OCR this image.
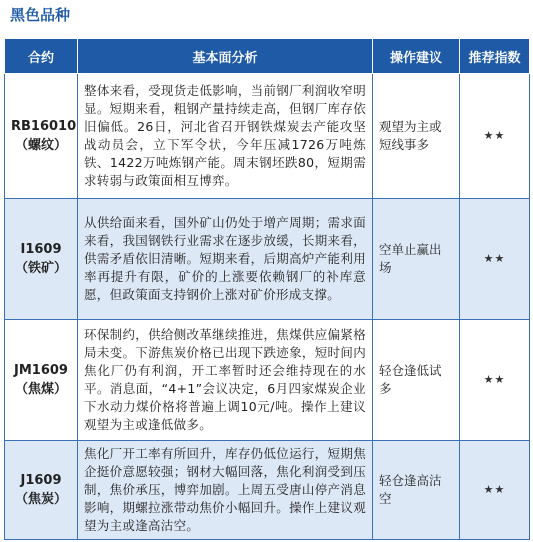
黑色品种
合约	基本面分析	操作建议	推荐指数

RB16010
（螺纹）	整体来看，受现货走低影响，当前钢厂利润收窄明显。短期来看，粗钢产量持续走高，但钢厂库存依旧偏低。26日，河北省召开钢铁煤炭去产能攻坚战动员会，立下军令状，今年压减1726万吨炼铁、1422万吨炼钢产能。周末钢坯跌80，短期需求转弱与政策面相互博弈。	观望为主或短线事多	★★

I1609
（铁矿）	从供给面来看，国外矿山仍处于增产周期；需求面来看，我国钢铁行业需求在逐步放缓，长期来看，供需矛盾依旧清晰。短期来看，后期高炉产能利用率再提升有限，矿价的上涨要依赖钢厂的补库意愿，但政策面支持钢价上涨对矿价形成支撑。	空单止赢出场	★★

JM1609
（焦煤）	环保制约，供给侧改革继续推进，焦煤供应偏紧格局未变。下游焦炭价格已出现下跌迹象，短时间内焦化厂仍有利润，开工率暂时还会维持现在的水平。消息面，“4+1”会议决定，6月四家煤炭企业下水动力煤价格将普遍上调10元/吨。操作上建议观望为主或逢低做多。	轻仓逢低试多	★★

J1609
（焦炭）	焦化厂开工率有所回升，库存仍低位运行，短期焦企挺价意愿较强；钢材大幅回落，焦化利润受到压制，焦价承压，博弈加剧。上周五受唐山停产消息影响，期螺拉涨带动焦价小幅回升。操作上建议观望为主或逢高沽空。	轻仓逢高沽空	★★
